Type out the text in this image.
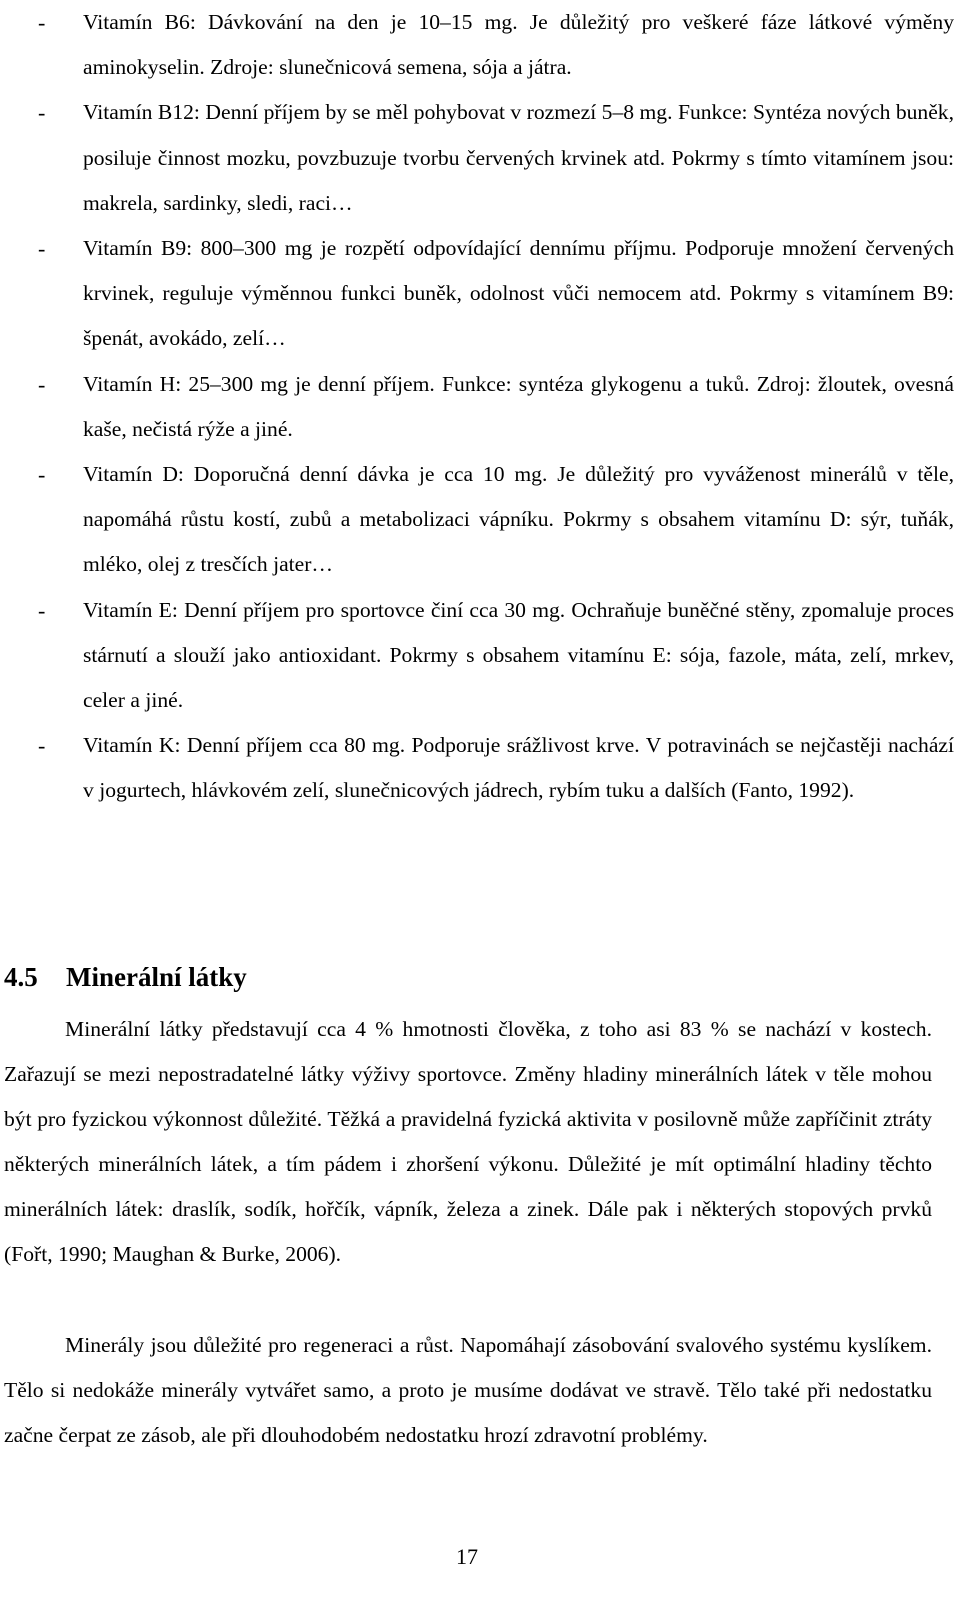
- Vitamín B6: Dávkování na den je 10–15 mg. Je důležitý pro veškeré fáze látkové výměny aminokyselin. Zdroje: slunečnicová semena, sója a játra.

- Vitamín B12: Denní příjem by se měl pohybovat v rozmezí 5–8 mg. Funkce: Syntéza nových buněk, posiluje činnost mozku, povzbuzuje tvorbu červených krvinek atd. Pokrmy s tímto vitamínem jsou: makrela, sardinky, sledi, raci…

- Vitamín B9: 800–300 mg je rozpětí odpovídající dennímu příjmu. Podporuje množení červených krvinek, reguluje výměnnou funkci buněk, odolnost vůči nemocem atd. Pokrmy s vitamínem B9: špenát, avokádo, zelí…

- Vitamín H: 25–300 mg je denní příjem. Funkce: syntéza glykogenu a tuků. Zdroj: žloutek, ovesná kaše, nečistá rýže a jiné.

- Vitamín D: Doporučná denní dávka je cca 10 mg. Je důležitý pro vyváženost minerálů v těle, napomáhá růstu kostí, zubů a metabolizaci vápníku. Pokrmy s obsahem vitamínu D: sýr, tuňák, mléko, olej z tresčích jater…

- Vitamín E: Denní příjem pro sportovce činí cca 30 mg. Ochraňuje buněčné stěny, zpomaluje proces stárnutí a slouží jako antioxidant. Pokrmy s obsahem vitamínu E: sója, fazole, máta, zelí, mrkev, celer a jiné.

- Vitamín K: Denní příjem cca 80 mg. Podporuje srážlivost krve. V potravinách se nejčastěji nachází v jogurtech, hlávkovém zelí, slunečnicových jádrech, rybím tuku a dalších (Fanto, 1992).

4.5 Minerální látky

Minerální látky představují cca 4 % hmotnosti člověka, z toho asi 83 % se nachází v kostech. Zařazují se mezi nepostradatelné látky výživy sportovce. Změny hladiny minerálních látek v těle mohou být pro fyzickou výkonnost důležité. Těžká a pravidelná fyzická aktivita v posilovně může zapříčinit ztráty některých minerálních látek, a tím pádem i zhoršení výkonu. Důležité je mít optimální hladiny těchto minerálních látek: draslík, sodík, hořčík, vápník, železa a zinek. Dále pak i některých stopových prvků (Fořt, 1990; Maughan & Burke, 2006).

Minerály jsou důležité pro regeneraci a růst. Napomáhají zásobování svalového systému kyslíkem. Tělo si nedokáže minerály vytvářet samo, a proto je musíme dodávat ve stravě. Tělo také při nedostatku začne čerpat ze zásob, ale při dlouhodobém nedostatku hrozí zdravotní problémy.

17
